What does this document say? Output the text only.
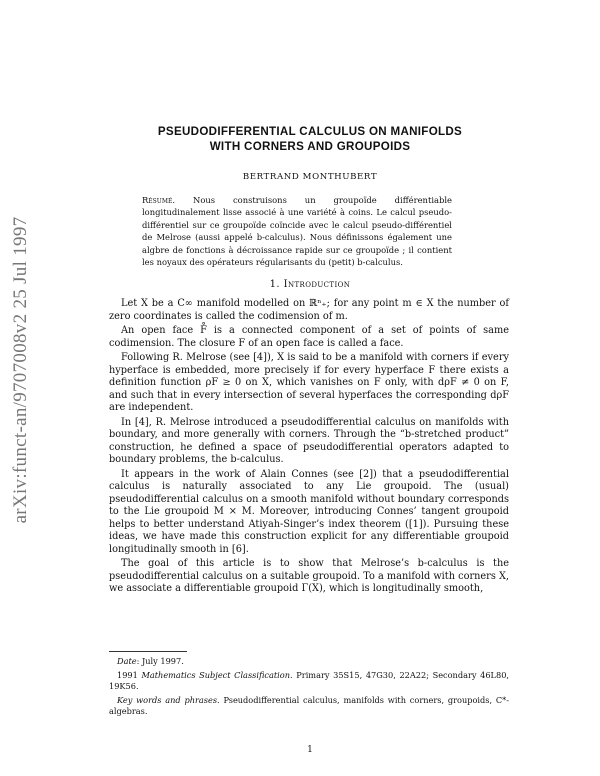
arXiv:funct-an/9707008v2 25 Jul 1997
PSEUDODIFFERENTIAL CALCULUS ON MANIFOLDS
WITH CORNERS AND GROUPOIDS
BERTRAND MONTHUBERT
Résumé. Nous construisons un groupoïde différentiable longitudinalement lisse associé à une variété à coins. Le calcul pseudo-différentiel sur ce groupoïde coïncide avec le calcul pseudo-différentiel de Melrose (aussi appelé b-calculus). Nous définissons également une algbre de fonctions à décroissance rapide sur ce groupoïde ; il contient les noyaux des opérateurs régularisants du (petit) b-calculus.
1. Introduction

Let X be a C∞ manifold modelled on ℝⁿ₊; for any point m ∈ X the number of zero coordinates is called the codimension of m.

An open face F̊ is a connected component of a set of points of same codimension. The closure F of an open face is called a face.

Following R. Melrose (see [4]), X is said to be a manifold with corners if every hyperface is embedded, more precisely if for every hyperface F there exists a definition function ρF ≥ 0 on X, which vanishes on F only, with dρF ≠ 0 on F, and such that in every intersection of several hyperfaces the corresponding dρF are independent.

In [4], R. Melrose introduced a pseudodifferential calculus on manifolds with boundary, and more generally with corners. Through the “b-stretched product” construction, he defined a space of pseudodifferential operators adapted to boundary problems, the b-calculus.

It appears in the work of Alain Connes (see [2]) that a pseudodifferential calculus is naturally associated to any Lie groupoid. The (usual) pseudodifferential calculus on a smooth manifold without boundary corresponds to the Lie groupoid M × M. Moreover, introducing Connes’ tangent groupoid helps to better understand Atiyah-Singer’s index theorem ([1]). Pursuing these ideas, we have made this construction explicit for any differentiable groupoid longitudinally smooth in [6].

The goal of this article is to show that Melrose’s b-calculus is the pseudodifferential calculus on a suitable groupoid. To a manifold with corners X, we associate a differentiable groupoid Γ(X), which is longitudinally smooth,

Date: July 1997.

1991 Mathematics Subject Classification. Primary 35S15, 47G30, 22A22; Secondary 46L80, 19K56.

Key words and phrases. Pseudodifferential calculus, manifolds with corners, groupoids, C*-algebras.

1
